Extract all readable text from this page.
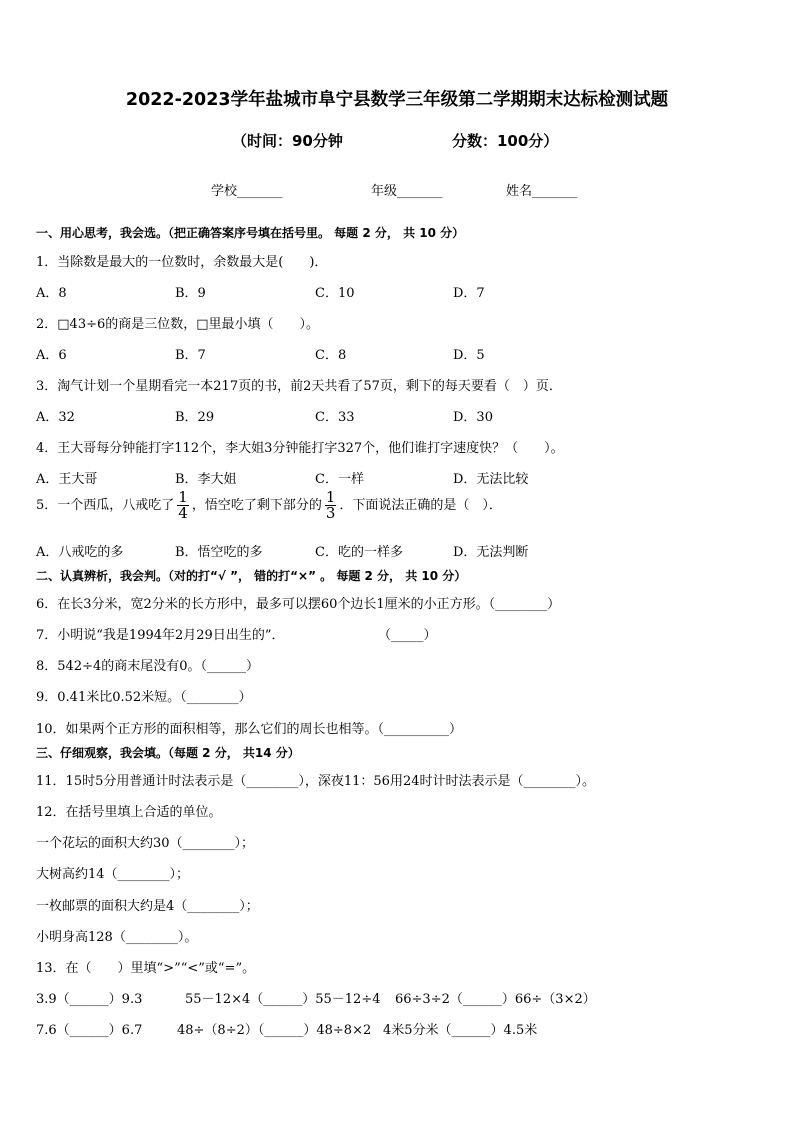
2022-2023学年盐城市阜宁县数学三年级第二学期期末达标检测试题
（时间：90分钟	分数：100分）
学校_______	年级_______	姓名_______
一、用心思考，我会选。（把正确答案序号填在括号里。 每题 2 分， 共 10 分）
1．当除数是最大的一位数时，余数最大是(　　)．
A．8	B．9	C．10	D．7
2．□43÷6的商是三位数，□里最小填（　　）。
A．6	B．7	C．8	D．5
3．淘气计划一个星期看完一本217页的书，前2天共看了57页，剩下的每天要看（　）页．
A．32	B．29	C．33	D．30
4．王大哥每分钟能打字112个，李大姐3分钟能打字327个，他们谁打字速度快？（　　）。
A．王大哥	B．李大姐	C．一样	D．无法比较
5．一个西瓜，八戒吃了 $\frac{1}{4}$ ，悟空吃了剩下部分的 $\frac{1}{3}$ ．下面说法正确的是（　）．
A．八戒吃的多	B．悟空吃的多	C．吃的一样多	D．无法判断
二、认真辨析，我会判。（对的打“√ ”， 错的打“×” 。 每题 2 分， 共 10 分）
6．在长3分米，宽2分米的长方形中，最多可以摆60个边长1厘米的小正方形。（________）
7．小明说“我是1994年2月29日出生的”．	（_____）
8．542÷4的商末尾没有0。（______）
9．0.41米比0.52米短。（________）
10．如果两个正方形的面积相等，那么它们的周长也相等。（__________）
三、仔细观察，我会填。（每题 2 分， 共14 分）
11．15时5分用普通计时法表示是（________），深夜11：56用24时计时法表示是（________）。
12．在括号里填上合适的单位。
一个花坛的面积大约30（________）；
大树高约14（________）；
一枚邮票的面积大约是4（________）；
小明身高128（________）。
13．在（　　）里填“>”“<”或“=”。
3.9（______）9.3	55－12×4（______）55－12÷4 66÷3÷2（______）66÷（3×2）
7.6（______）6.7	48÷（8÷2）（______）48÷8×2 4米5分米（______）4.5米
